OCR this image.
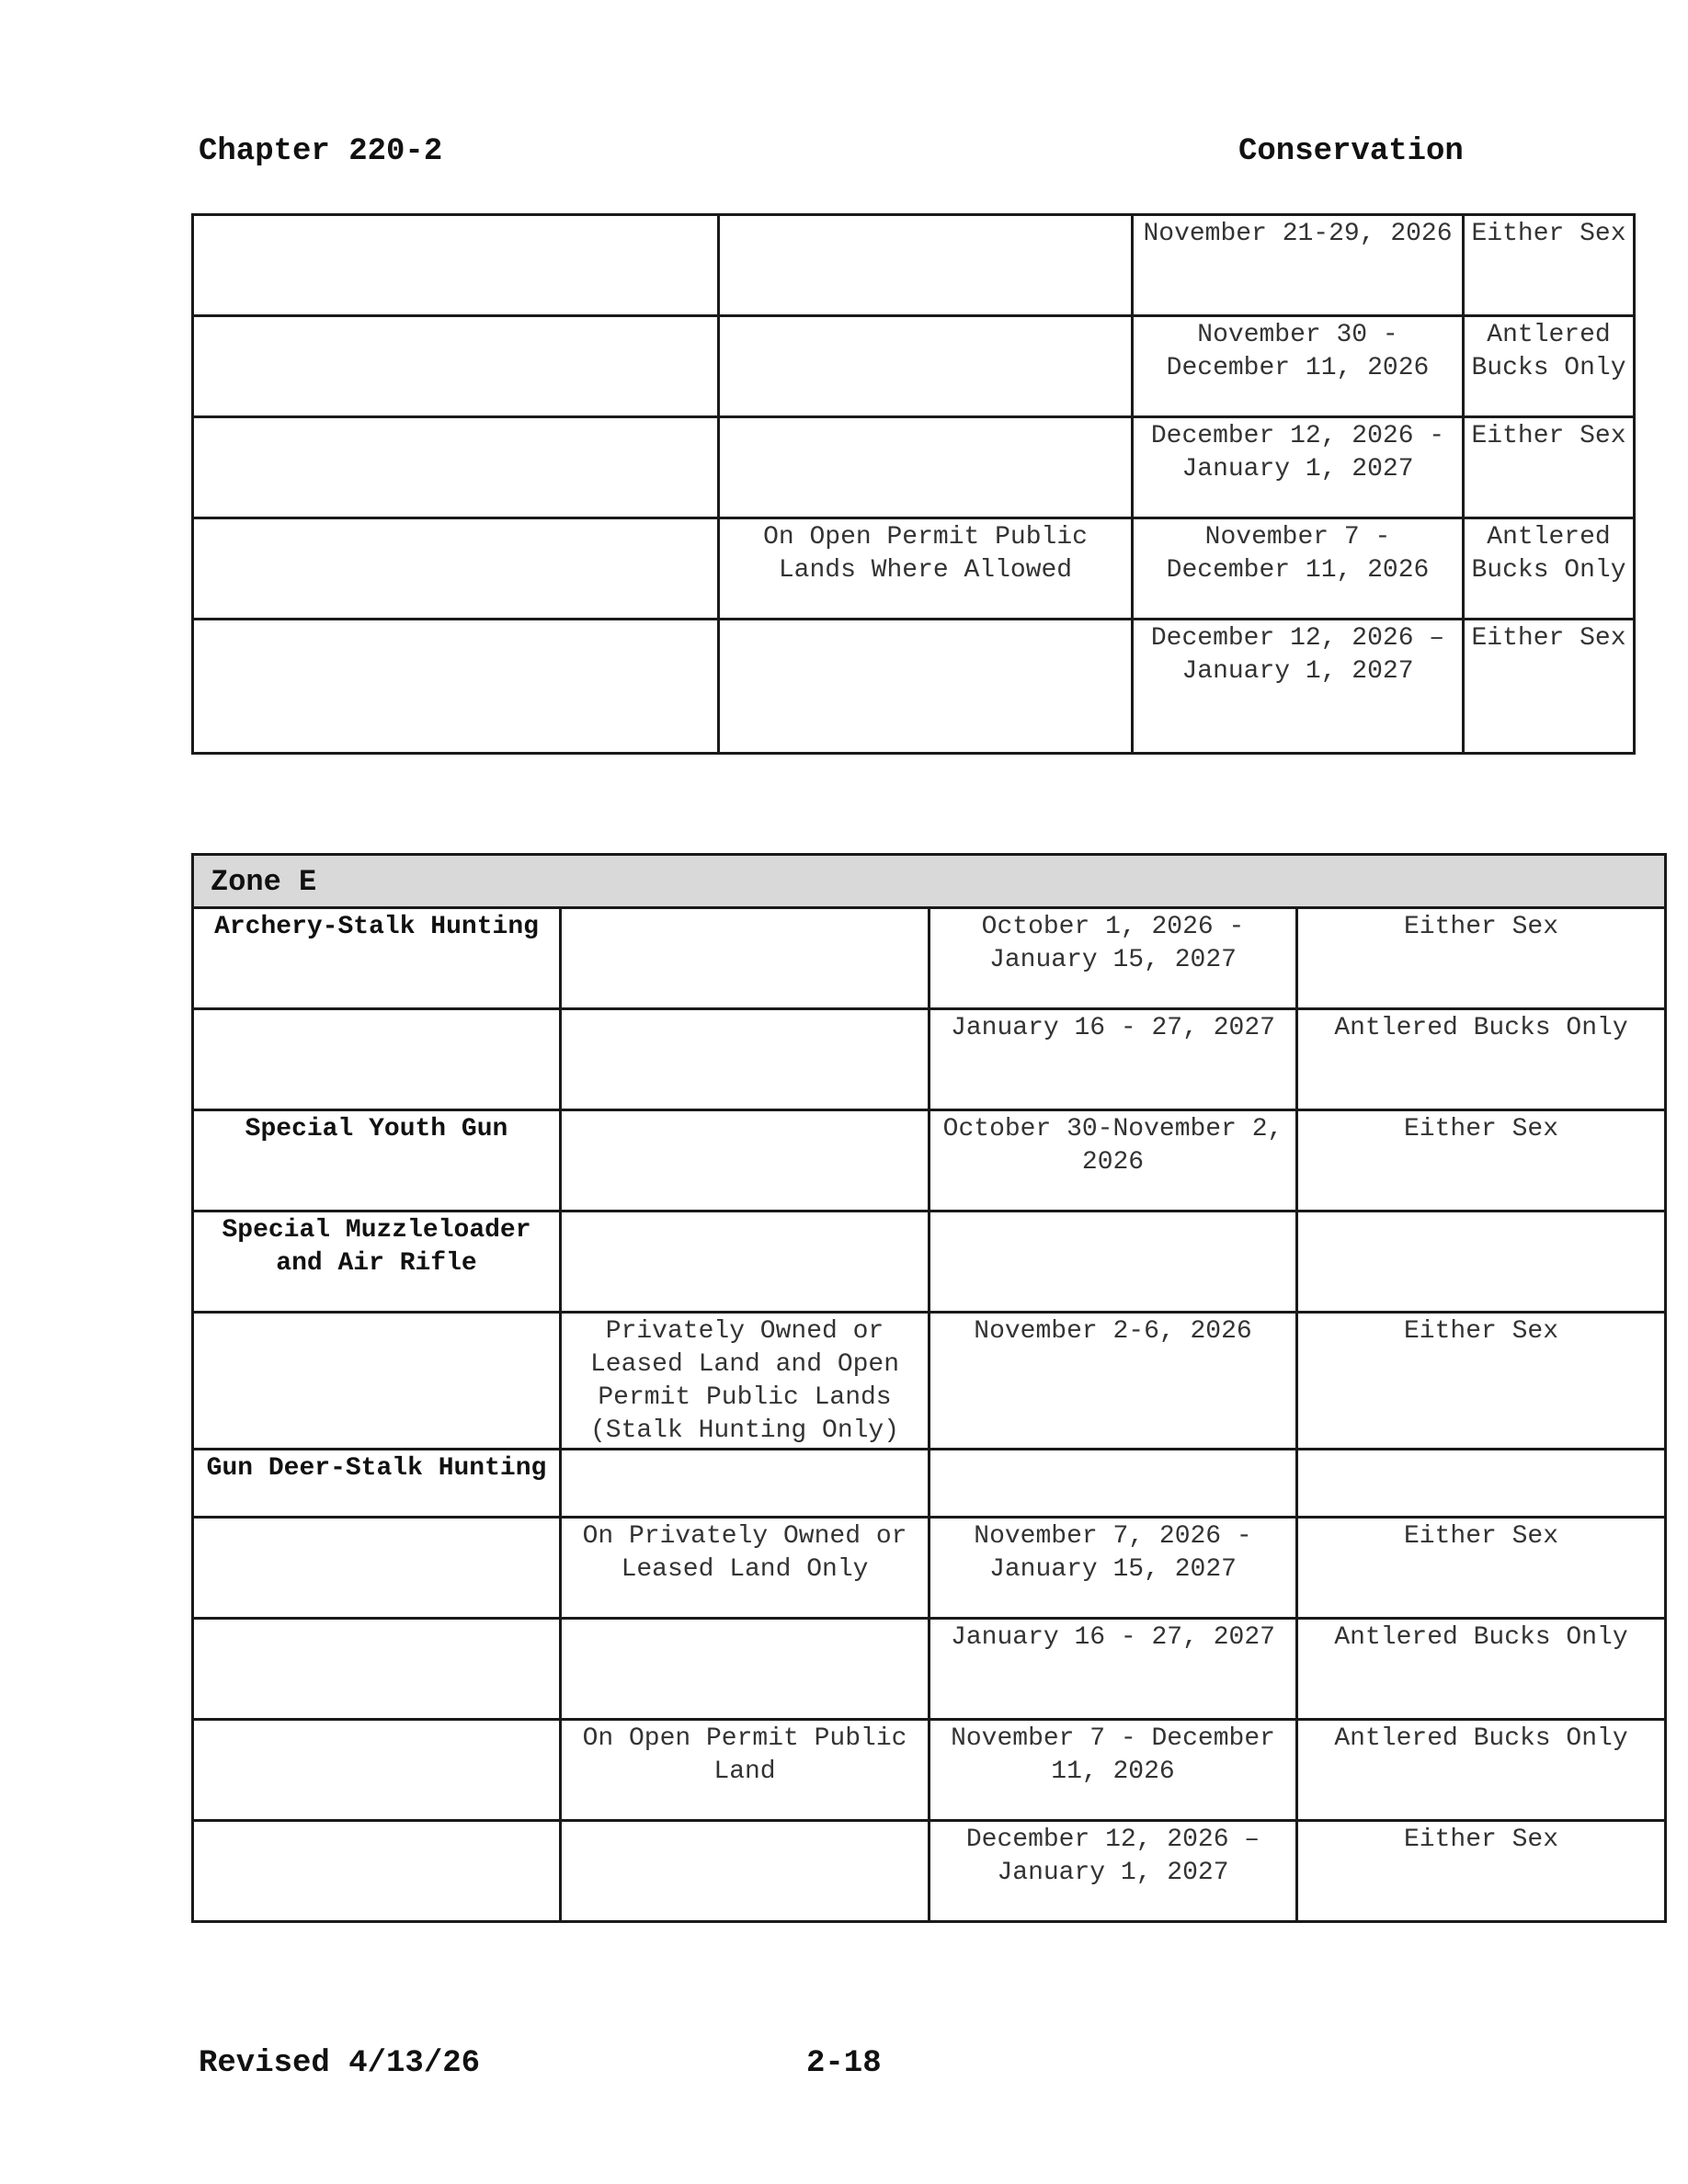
Chapter 220-2	Conservation
		November 21-29, 2026	Either Sex
		November 30 - December 11, 2026	Antlered Bucks Only
		December 12, 2026 -January 1, 2027	Either Sex
	On Open Permit Public Lands Where Allowed	November 7 - December 11, 2026	Antlered Bucks Only
		December 12, 2026 – January 1, 2027	Either Sex
Zone E			
Archery-Stalk Hunting		October 1, 2026 - January 15, 2027	Either Sex
		January 16 - 27, 2027	Antlered Bucks Only
Special Youth Gun		October 30-November 2, 2026	Either Sex
Special Muzzleloader and Air Rifle			
	Privately Owned or Leased Land and Open Permit Public Lands (Stalk Hunting Only)	November 2-6, 2026	Either Sex
Gun Deer-Stalk Hunting			
	On Privately Owned or Leased Land Only	November 7, 2026 - January 15, 2027	Either Sex
		January 16 - 27, 2027	Antlered Bucks Only
	On Open Permit Public Land	November 7 - December 11, 2026	Antlered Bucks Only
		December 12, 2026 – January 1, 2027	Either Sex
Revised 4/13/26	2-18
